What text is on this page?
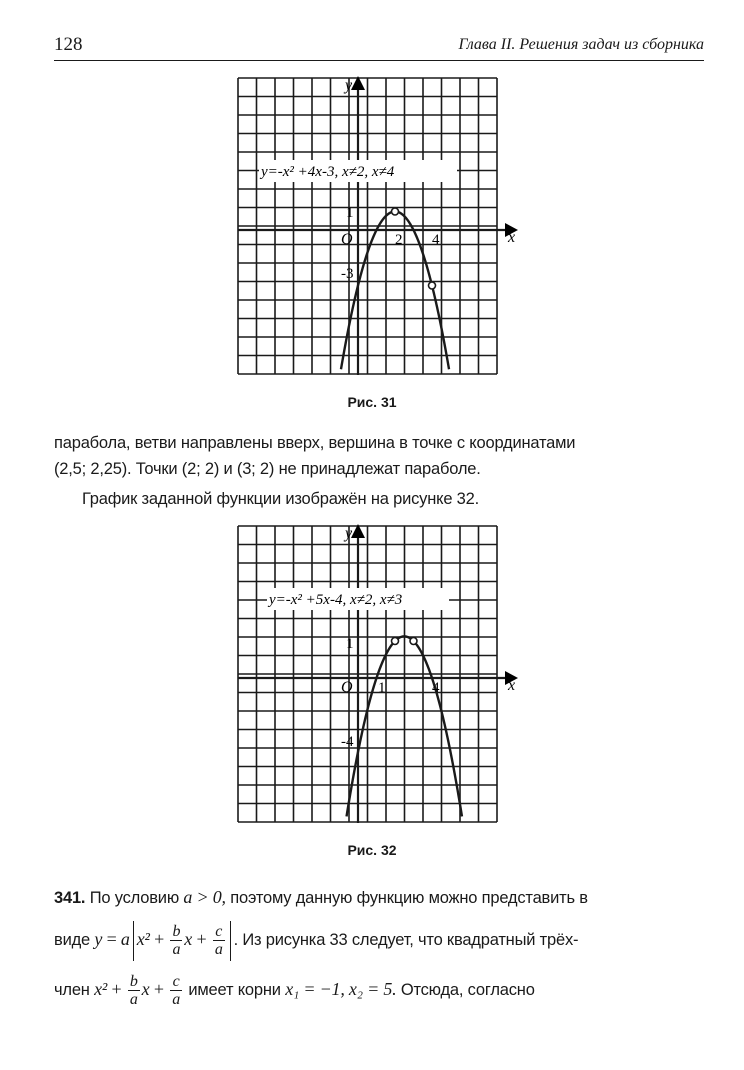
128	Глава II. Решения задач из сборника
y=-x² +4x-3, x≠2, x≠4
y
x
O
1
2 4
-3
Рис. 31
парабола, ветви направлены вверх, вершина в точке с координатами
(2,5; 2,25). Точки (2; 2) и (3; 2) не принадлежат параболе.
График заданной функции изображён на рисунке 32.
y=-x² +5x-4, x≠2, x≠3
y
x
O
1
1	4
-4
Рис. 32
341. По условию a > 0, поэтому данную функцию можно представить в
виде y = a $x^2 + \frac{b}{a}$ $x + \frac{c}{a}$ . Из рисунка 33 следует, что квадратный трёх-
член $x^2 + \frac{b}{a}$ $x + \frac{c}{a}$ имеет корни x₁ = −1, x₂ = 5. Отсюда, согласно
